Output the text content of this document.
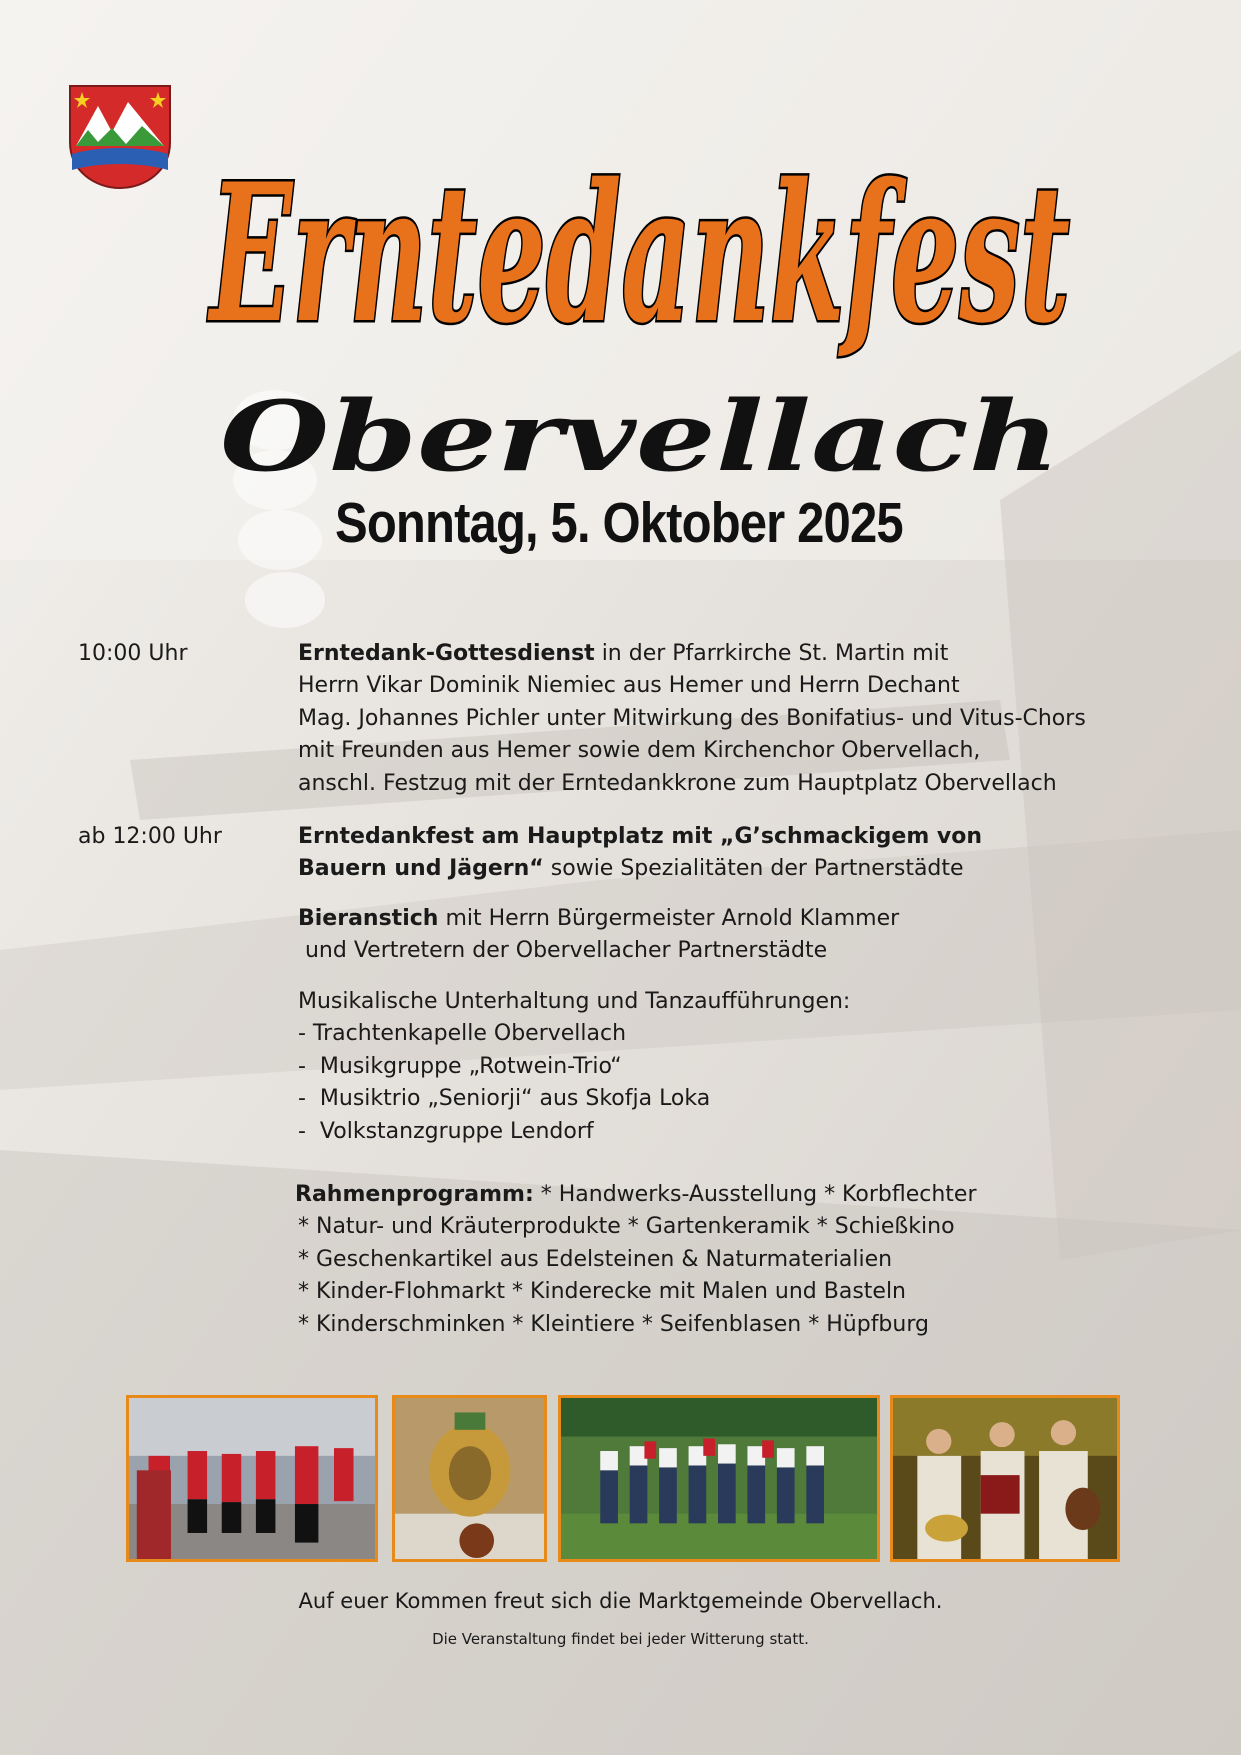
Erntedankfest
Obervellach
Sonntag, 5. Oktober 2025
10:00 Uhr	Erntedank-Gottesdienst in der Pfarrkirche St. Martin mit
Herrn Vikar Dominik Niemiec aus Hemer und Herrn Dechant
Mag. Johannes Pichler unter Mitwirkung des Bonifatius- und Vitus-Chors
mit Freunden aus Hemer sowie dem Kirchenchor Obervellach,
anschl. Festzug mit der Erntedankkrone zum Hauptplatz Obervellach
ab 12:00 Uhr	Erntedankfest am Hauptplatz mit „G’schmackigem von
Bauern und Jägern“ sowie Spezialitäten der Partnerstädte
Bieranstich mit Herrn Bürgermeister Arnold Klammer
und Vertretern der Obervellacher Partnerstädte
Musikalische Unterhaltung und Tanzaufführungen:
- Trachtenkapelle Obervellach
-  Musikgruppe „Rotwein-Trio“
-  Musiktrio „Seniorji“ aus Skofja Loka
-  Volkstanzgruppe Lendorf
Rahmenprogramm: * Handwerks-Ausstellung * Korbflechter
* Natur- und Kräuterprodukte * Gartenkeramik * Schießkino
* Geschenkartikel aus Edelsteinen & Naturmaterialien
* Kinder-Flohmarkt * Kinderecke mit Malen und Basteln
* Kinderschminken * Kleintiere * Seifenblasen * Hüpfburg
Auf euer Kommen freut sich die Marktgemeinde Obervellach.
Die Veranstaltung findet bei jeder Witterung statt.
